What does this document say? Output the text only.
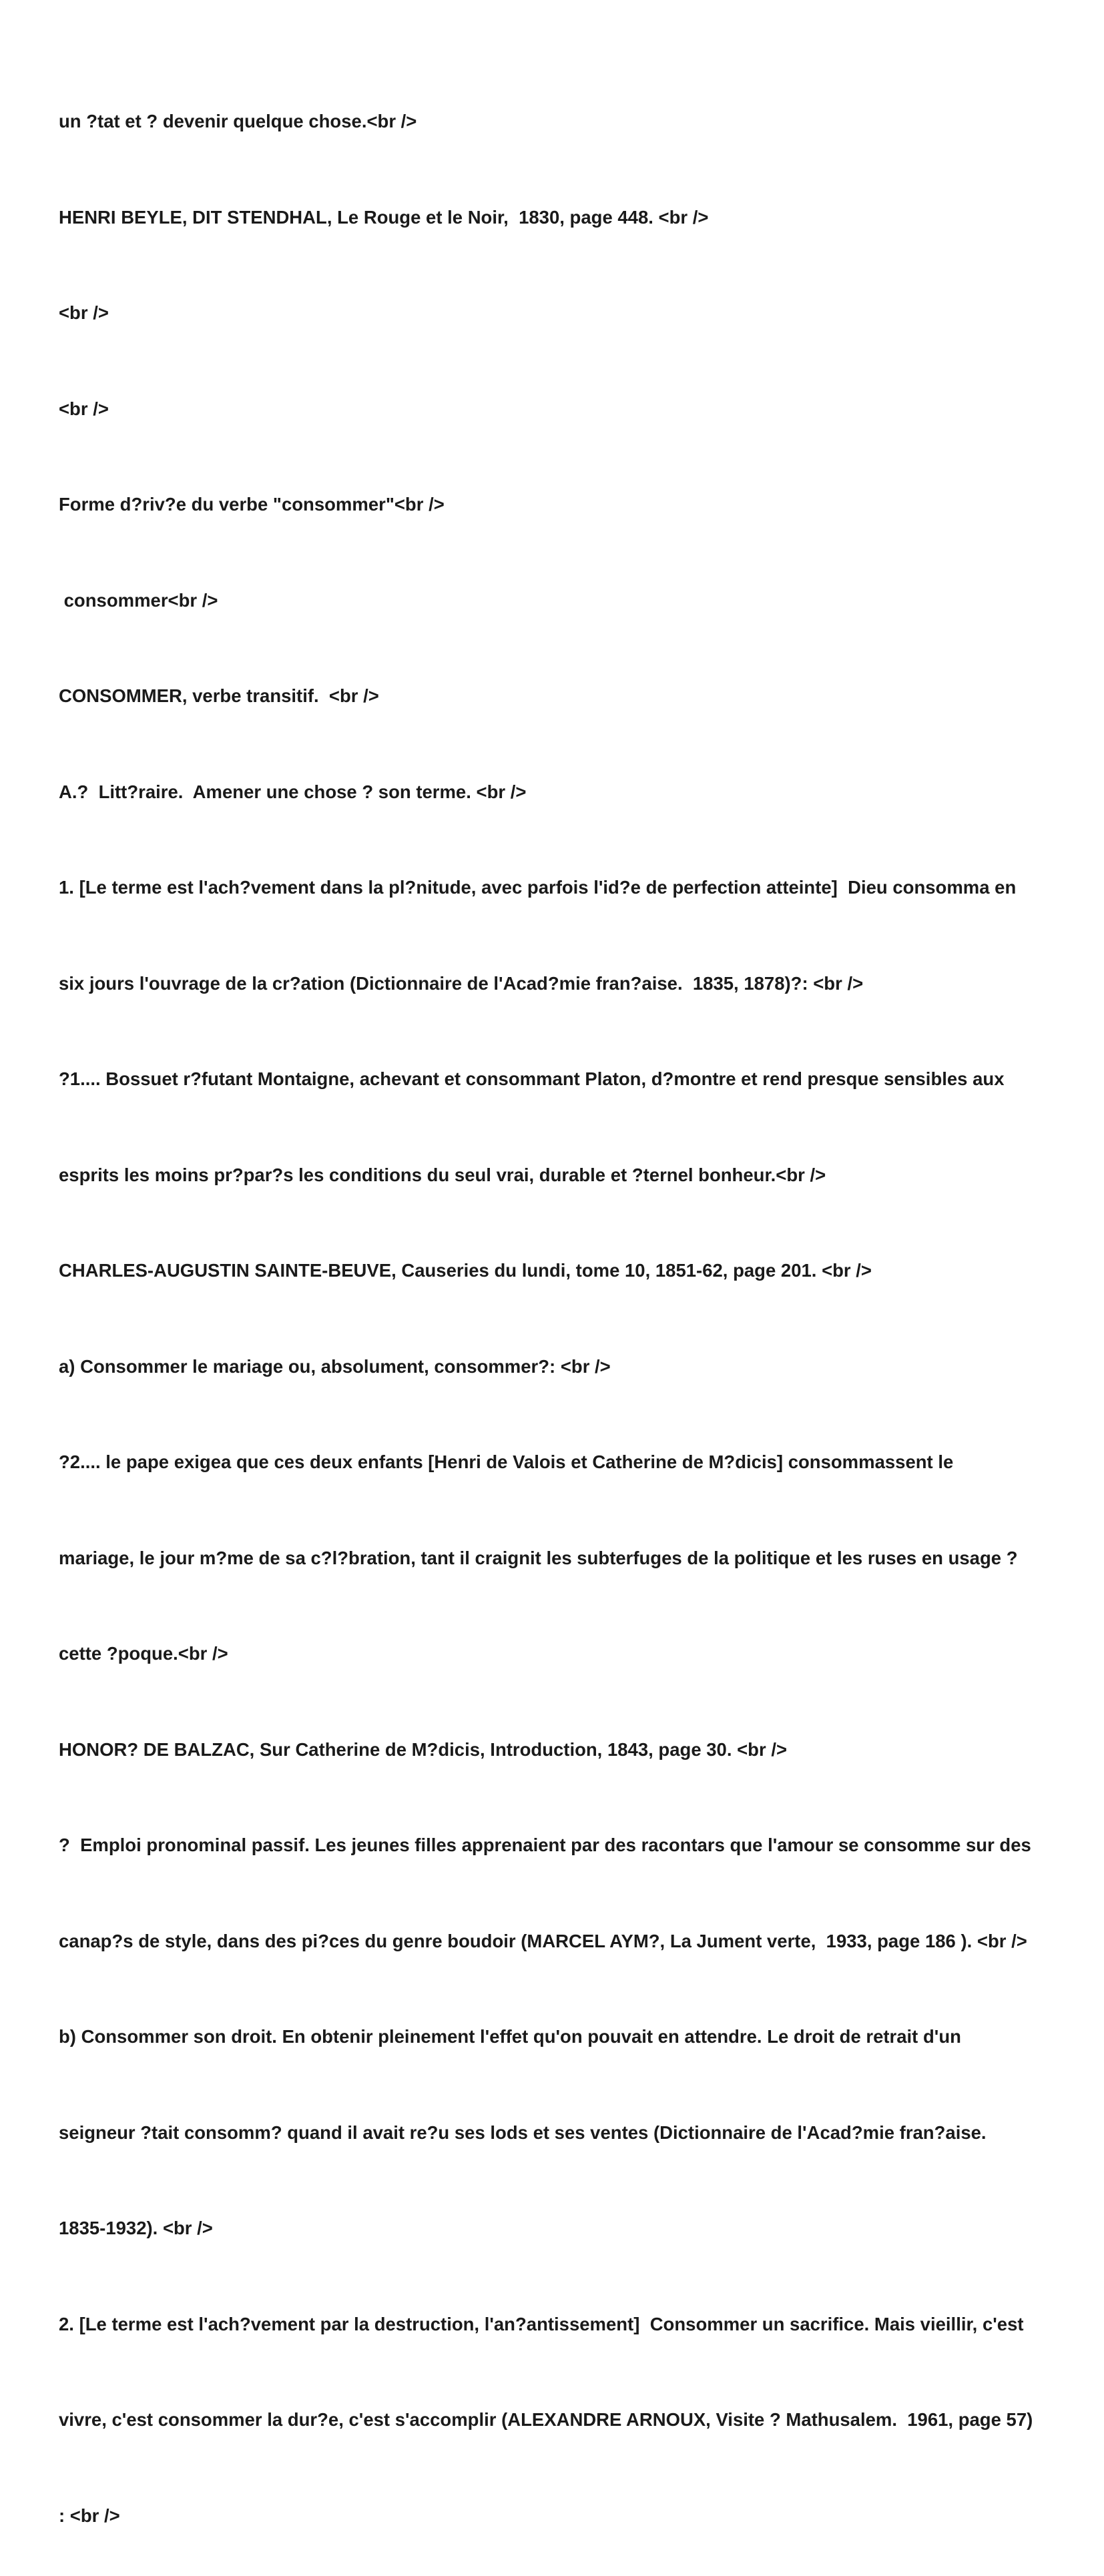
un ?tat et ? devenir quelque chose.<br />

HENRI BEYLE, DIT STENDHAL, Le Rouge et le Noir,  1830, page 448. <br />

<br />

<br />

Forme d?riv?e du verbe "consommer"<br />

consommer<br />

CONSOMMER, verbe transitif.  <br />

A.?  Litt?raire.  Amener une chose ? son terme. <br />

1. [Le terme est l'ach?vement dans la pl?nitude, avec parfois l'id?e de perfection atteinte]  Dieu consomma en

six jours l'ouvrage de la cr?ation (Dictionnaire de l'Acad?mie fran?aise.  1835, 1878)?: <br />

?1.... Bossuet r?futant Montaigne, achevant et consommant Platon, d?montre et rend presque sensibles aux

esprits les moins pr?par?s les conditions du seul vrai, durable et ?ternel bonheur.<br />

CHARLES-AUGUSTIN SAINTE-BEUVE, Causeries du lundi, tome 10, 1851-62, page 201. <br />

a) Consommer le mariage ou, absolument, consommer?: <br />

?2.... le pape exigea que ces deux enfants [Henri de Valois et Catherine de M?dicis] consommassent le

mariage, le jour m?me de sa c?l?bration, tant il craignit les subterfuges de la politique et les ruses en usage ?

cette ?poque.<br />

HONOR? DE BALZAC, Sur Catherine de M?dicis, Introduction, 1843, page 30. <br />

?  Emploi pronominal passif. Les jeunes filles apprenaient par des racontars que l'amour se consomme sur des

canap?s de style, dans des pi?ces du genre boudoir (MARCEL AYM?, La Jument verte,  1933, page 186 ). <br />

b) Consommer son droit. En obtenir pleinement l'effet qu'on pouvait en attendre. Le droit de retrait d'un

seigneur ?tait consomm? quand il avait re?u ses lods et ses ventes (Dictionnaire de l'Acad?mie fran?aise.

1835-1932). <br />

2. [Le terme est l'ach?vement par la destruction, l'an?antissement]  Consommer un sacrifice. Mais vieillir, c'est

vivre, c'est consommer la dur?e, c'est s'accomplir (ALEXANDRE ARNOUX, Visite ? Mathusalem.  1961, page 57)

: <br />
